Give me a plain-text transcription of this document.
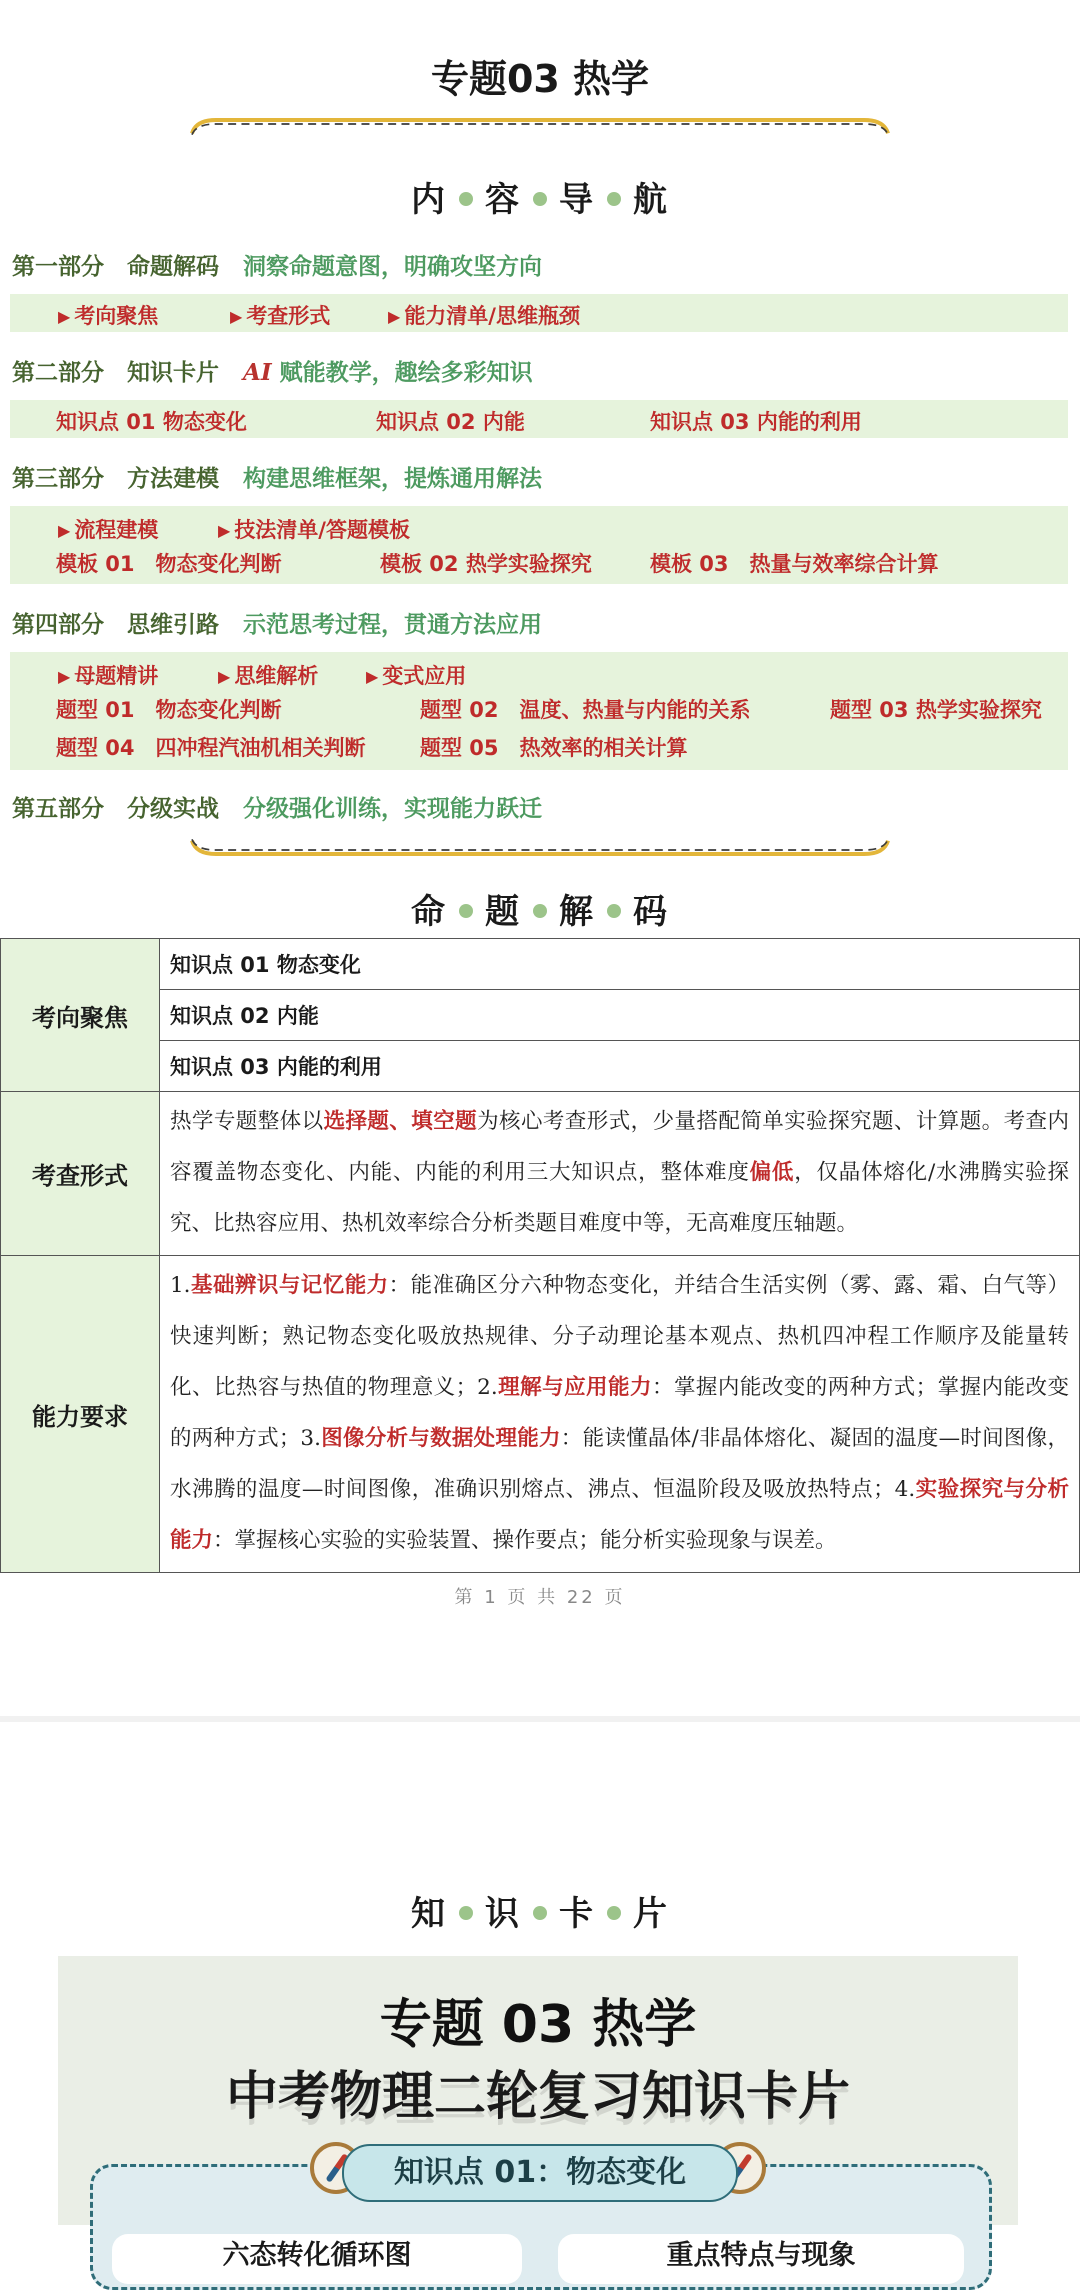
专题03 热学
内 容 导 航
第一部分　命题解码 洞察命题意图，明确攻坚方向
▶ 考向聚焦	▶ 考查形式	▶ 能力清单/思维瓶颈
第二部分　知识卡片 AI 赋能教学，趣绘多彩知识
知识点 01 物态变化	知识点 02 内能	知识点 03 内能的利用
第三部分　方法建模 构建思维框架，提炼通用解法
▶ 流程建模	▶ 技法清单/答题模板
模板 01　物态变化判断	模板 02 热学实验探究	模板 03　热量与效率综合计算
第四部分　思维引路 示范思考过程，贯通方法应用
▶ 母题精讲	▶ 思维解析	▶ 变式应用
题型 01　物态变化判断	题型 02　温度、热量与内能的关系	题型 03 热学实验探究
题型 04　四冲程汽油机相关判断	题型 05　热效率的相关计算
第五部分　分级实战 分级强化训练，实现能力跃迁
命 题 解 码
考向聚焦	知识点 01 物态变化
	知识点 02 内能
	知识点 03 内能的利用
考查形式	热学专题整体以选择题、填空题为核心考查形式，少量搭配简单实验探究题、计算题。考查内容覆盖物态变化、内能、内能的利用三大知识点，整体难度偏低，仅晶体熔化/水沸腾实验探究、比热容应用、热机效率综合分析类题目难度中等，无高难度压轴题。
能力要求	1.基础辨识与记忆能力：能准确区分六种物态变化，并结合生活实例（雾、露、霜、白气等）快速判断；熟记物态变化吸放热规律、分子动理论基本观点、热机四冲程工作顺序及能量转化、比热容与热值的物理意义；2.理解与应用能力：掌握内能改变的两种方式；掌握内能改变的两种方式；3.图像分析与数据处理能力：能读懂晶体/非晶体熔化、凝固的温度—时间图像，水沸腾的温度—时间图像，准确识别熔点、沸点、恒温阶段及吸放热特点；4.实验探究与分析能力：掌握核心实验的实验装置、操作要点；能分析实验现象与误差。
第 1 页 共 22 页
知 识 卡 片
专题 03 热学
中考物理二轮复习知识卡片
知识点 01：物态变化
六态转化循环图	重点特点与现象
